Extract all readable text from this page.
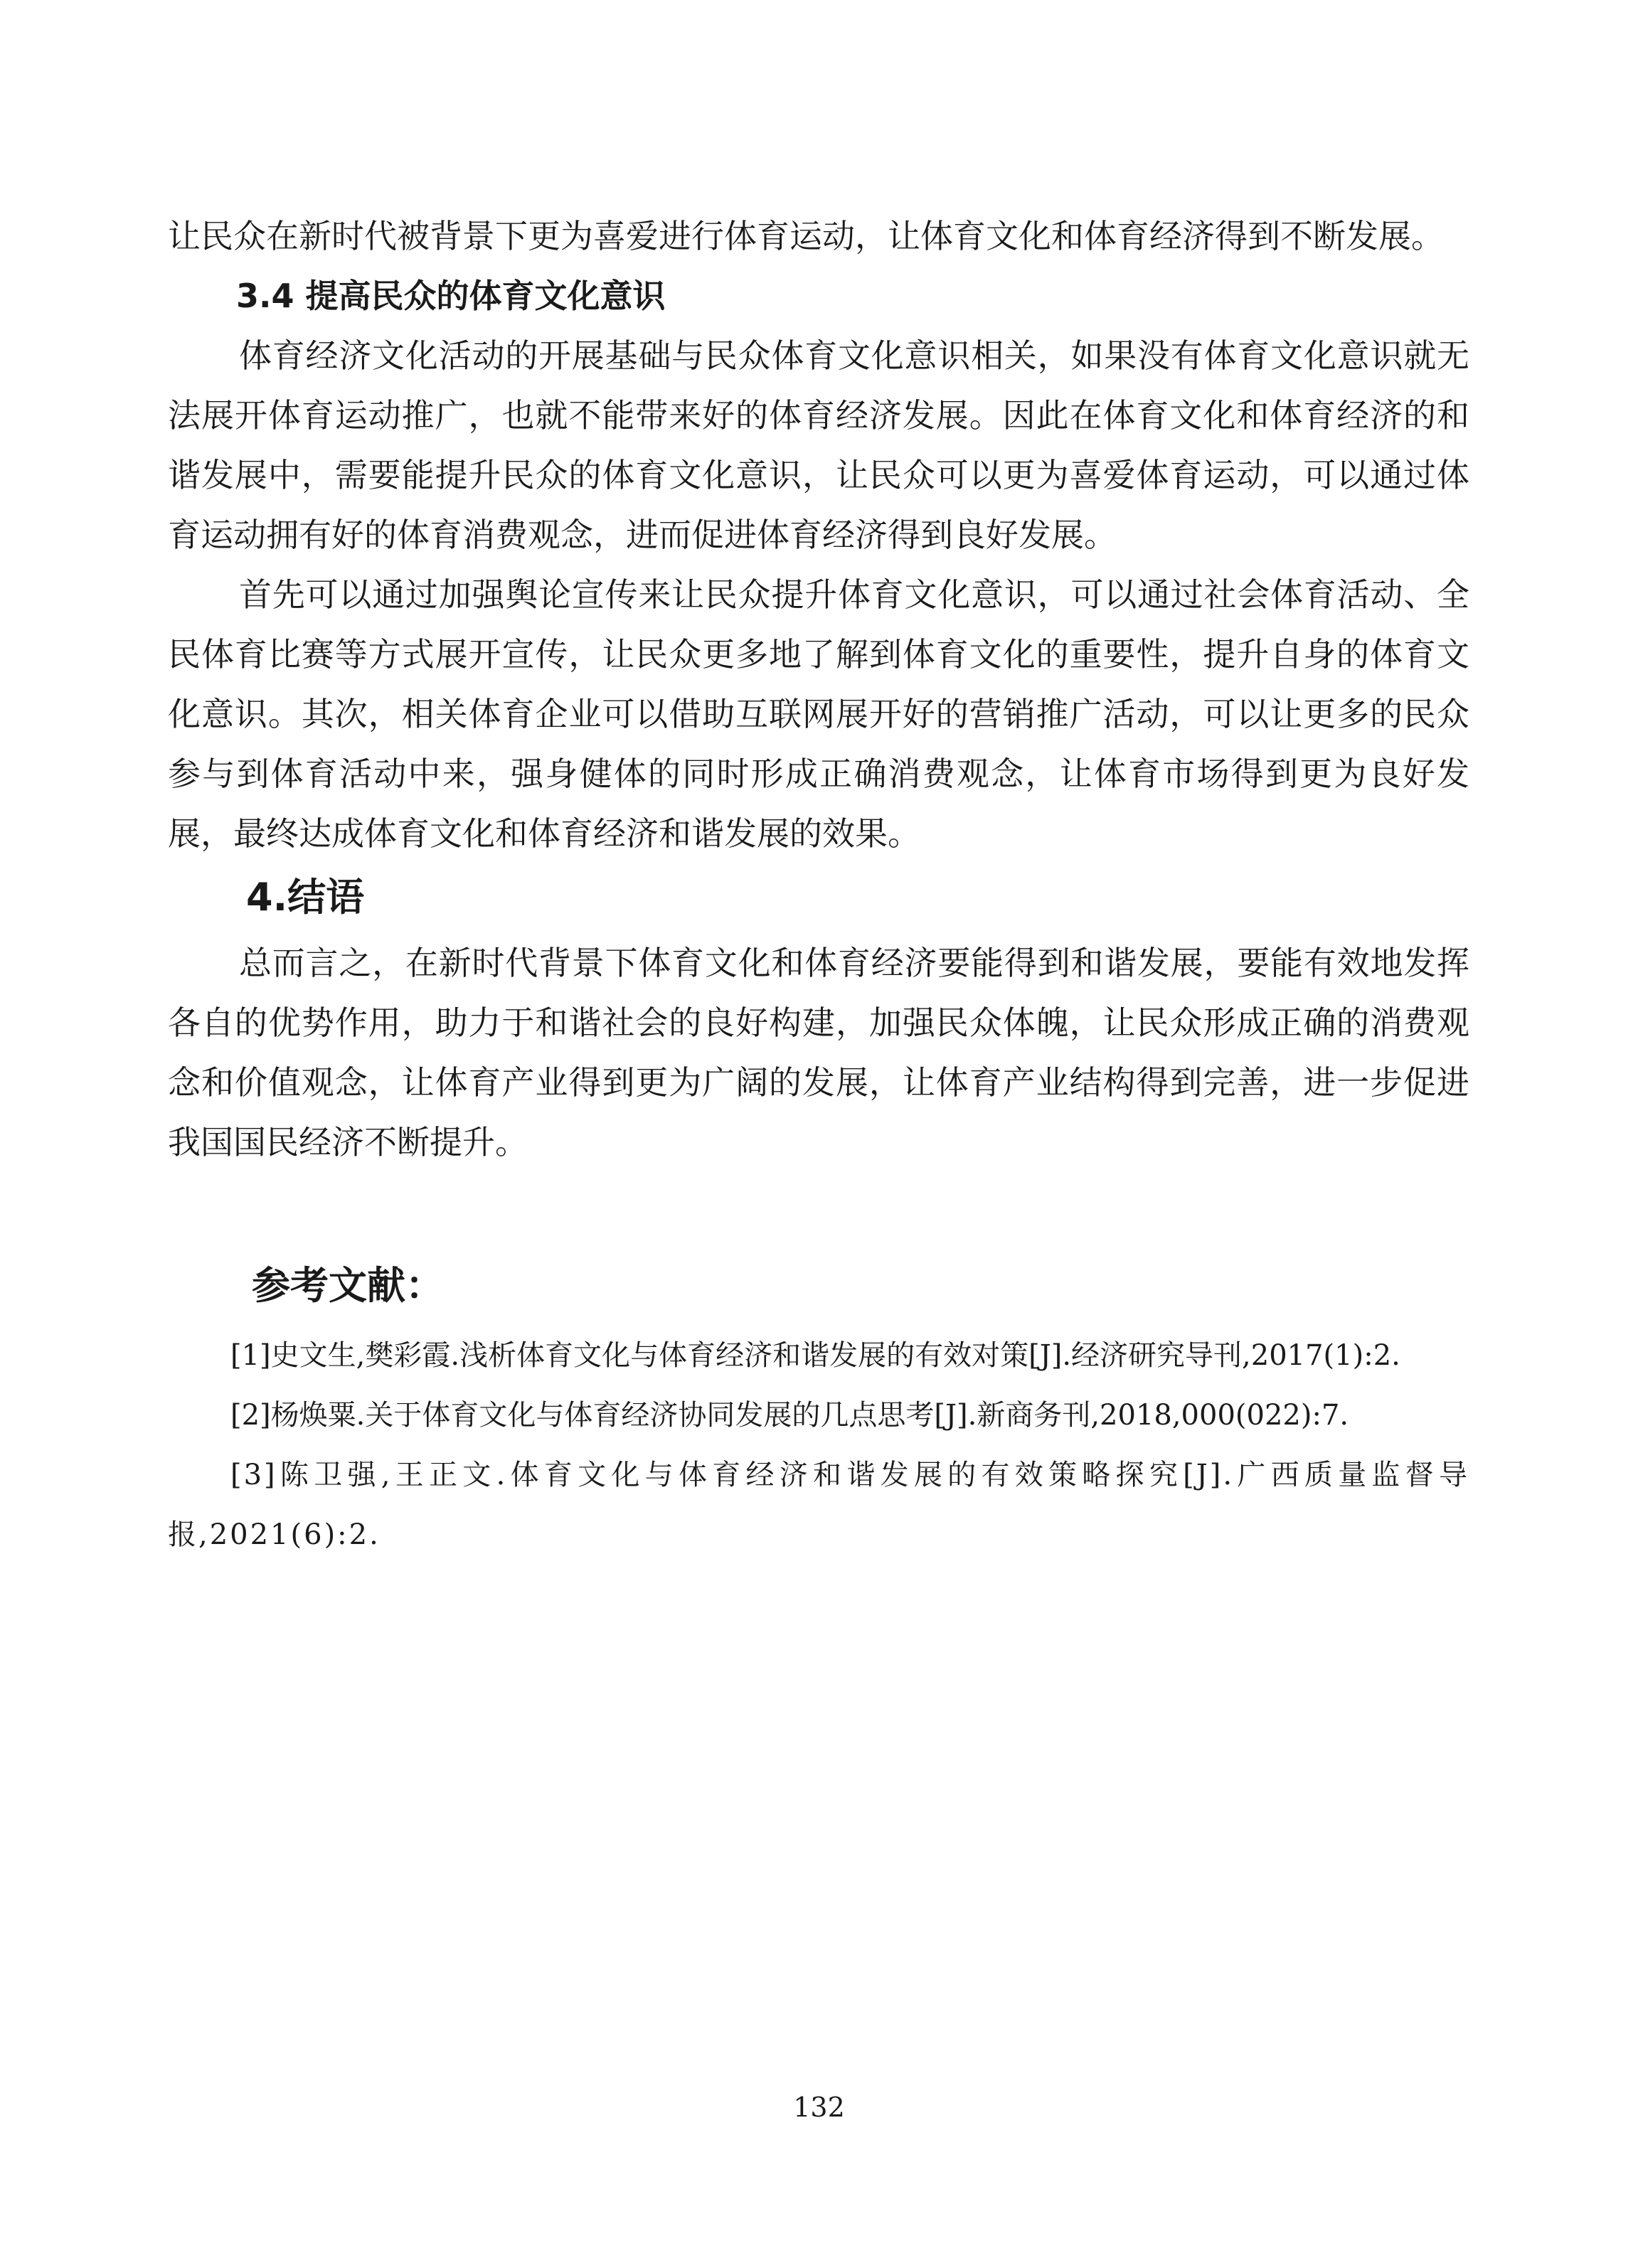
让民众在新时代被背景下更为喜爱进行体育运动，让体育文化和体育经济得到不断发展。

3.4 提高民众的体育文化意识

体育经济文化活动的开展基础与民众体育文化意识相关，如果没有体育文化意识就无法展开体育运动推广，也就不能带来好的体育经济发展。因此在体育文化和体育经济的和谐发展中，需要能提升民众的体育文化意识，让民众可以更为喜爱体育运动，可以通过体育运动拥有好的体育消费观念，进而促进体育经济得到良好发展。

首先可以通过加强舆论宣传来让民众提升体育文化意识，可以通过社会体育活动、全民体育比赛等方式展开宣传，让民众更多地了解到体育文化的重要性，提升自身的体育文化意识。其次，相关体育企业可以借助互联网展开好的营销推广活动，可以让更多的民众参与到体育活动中来，强身健体的同时形成正确消费观念，让体育市场得到更为良好发展，最终达成体育文化和体育经济和谐发展的效果。

4.结语

总而言之，在新时代背景下体育文化和体育经济要能得到和谐发展，要能有效地发挥各自的优势作用，助力于和谐社会的良好构建，加强民众体魄，让民众形成正确的消费观念和价值观念，让体育产业得到更为广阔的发展，让体育产业结构得到完善，进一步促进我国国民经济不断提升。

参考文献：

[1]史文生,樊彩霞.浅析体育文化与体育经济和谐发展的有效对策[J].经济研究导刊,2017(1):2.

[2]杨焕粟.关于体育文化与体育经济协同发展的几点思考[J].新商务刊,2018,000(022):7.

[3]陈卫强,王正文.体育文化与体育经济和谐发展的有效策略探究[J].广西质量监督导报,2021(6):2.

132
